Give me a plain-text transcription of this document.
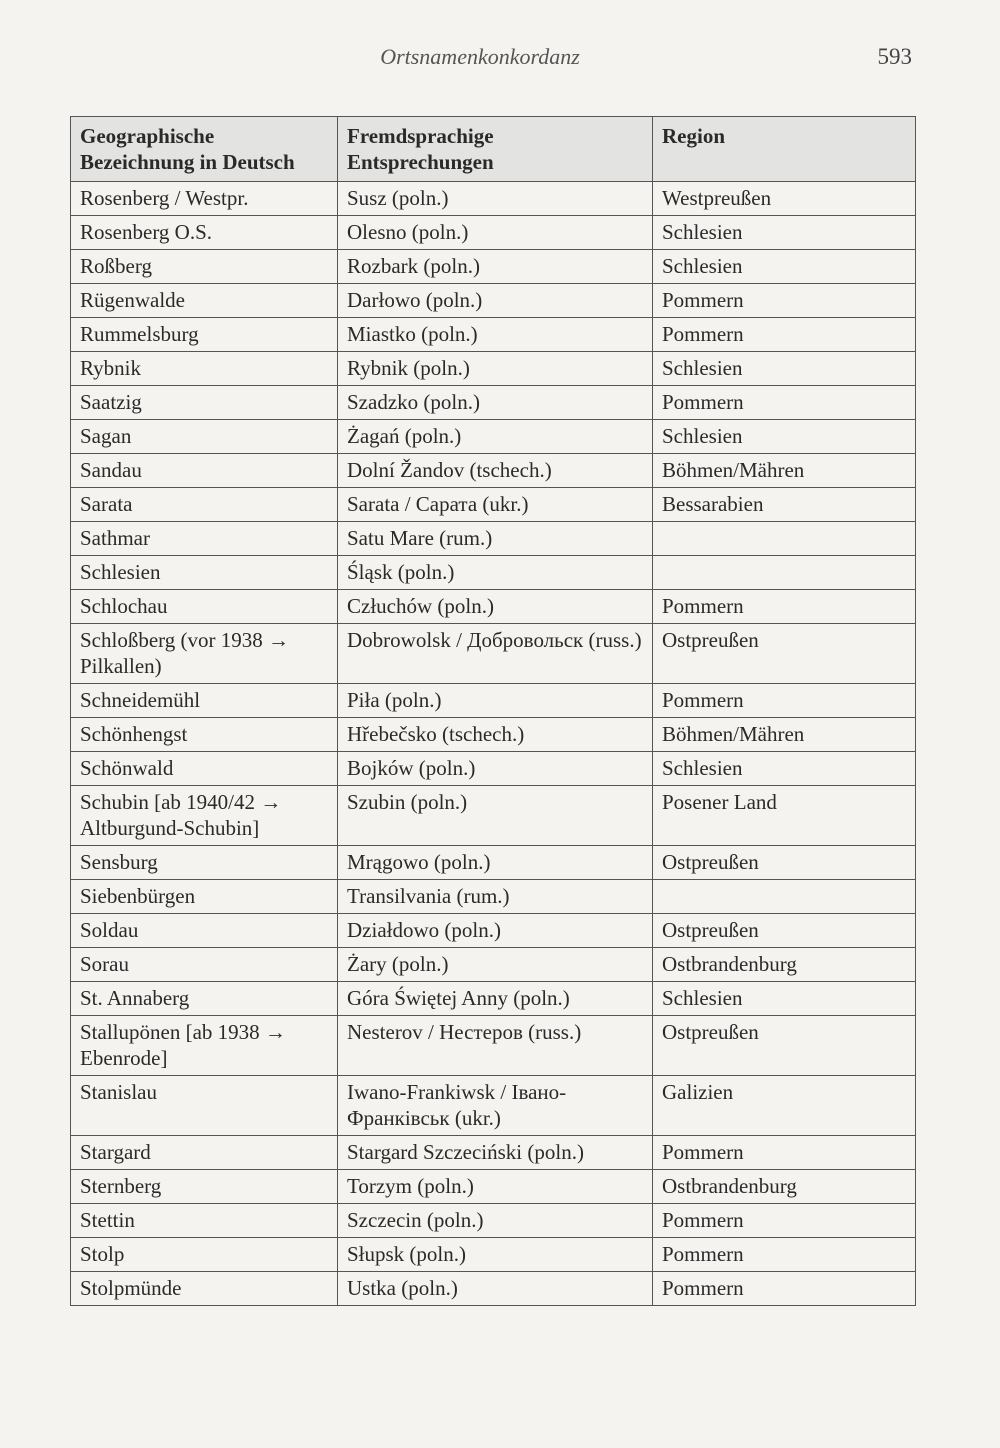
Ortsnamenkonkordanz	593
Geographische Bezeichnung in Deutsch	Fremdsprachige Entsprechungen	Region
Rosenberg / Westpr.	Susz (poln.)	Westpreußen
Rosenberg O.S.	Olesno (poln.)	Schlesien
Roßberg	Rozbark (poln.)	Schlesien
Rügenwalde	Darłowo (poln.)	Pommern
Rummelsburg	Miastko (poln.)	Pommern
Rybnik	Rybnik (poln.)	Schlesien
Saatzig	Szadzko (poln.)	Pommern
Sagan	Żagań (poln.)	Schlesien
Sandau	Dolní Žandov (tschech.)	Böhmen/Mähren
Sarata	Sarata / Сарата (ukr.)	Bessarabien
Sathmar	Satu Mare (rum.)	
Schlesien	Śląsk (poln.)	
Schlochau	Człuchów (poln.)	Pommern
Schloßberg (vor 1938 → Pilkallen)	Dobrowolsk / Добровольск (russ.)	Ostpreußen
Schneidemühl	Piła (poln.)	Pommern
Schönhengst	Hřebečsko (tschech.)	Böhmen/Mähren
Schönwald	Bojków (poln.)	Schlesien
Schubin [ab 1940/42 → Altburgund-Schubin]	Szubin (poln.)	Posener Land
Sensburg	Mrągowo (poln.)	Ostpreußen
Siebenbürgen	Transilvania (rum.)	
Soldau	Działdowo (poln.)	Ostpreußen
Sorau	Żary (poln.)	Ostbrandenburg
St. Annaberg	Góra Świętej Anny (poln.)	Schlesien
Stallupönen [ab 1938 → Ebenrode]	Nesterov / Нестеров (russ.)	Ostpreußen
Stanislau	Iwano-Frankiwsk / Івано-Франківськ (ukr.)	Galizien
Stargard	Stargard Szczeciński (poln.)	Pommern
Sternberg	Torzym (poln.)	Ostbrandenburg
Stettin	Szczecin (poln.)	Pommern
Stolp	Słupsk (poln.)	Pommern
Stolpmünde	Ustka (poln.)	Pommern
